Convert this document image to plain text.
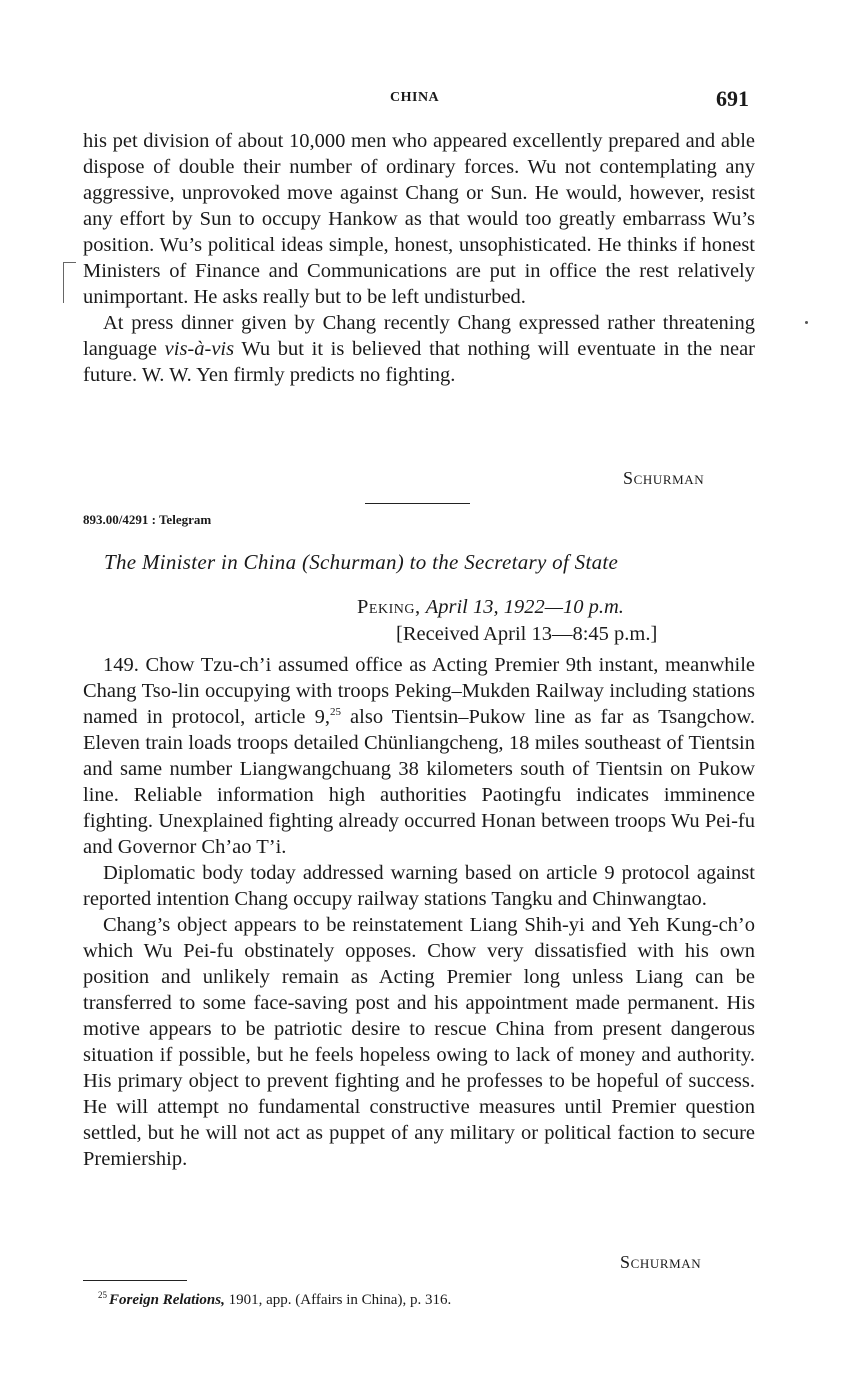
CHINA	691

his pet division of about 10,000 men who appeared excellently prepared and able dispose of double their number of ordinary forces. Wu not contemplating any aggressive, unprovoked move against Chang or Sun. He would, however, resist any effort by Sun to occupy Hankow as that would too greatly embarrass Wu’s position. Wu’s political ideas simple, honest, unsophisticated. He thinks if honest Ministers of Finance and Communications are put in office the rest relatively unimportant. He asks really but to be left undisturbed.

At press dinner given by Chang recently Chang expressed rather threatening language vis-à-vis Wu but it is believed that nothing will eventuate in the near future. W. W. Yen firmly predicts no fighting.

Schurman
893.00/4291 : Telegram
The Minister in China (Schurman) to the Secretary of State
Peking, April 13, 1922—10 p.m.
[Received April 13—8:45 p.m.]

149. Chow Tzu-ch’i assumed office as Acting Premier 9th instant, meanwhile Chang Tso-lin occupying with troops Peking–Mukden Railway including stations named in protocol, article 9,25 also Tientsin–Pukow line as far as Tsangchow. Eleven train loads troops detailed Chünliangcheng, 18 miles southeast of Tientsin and same number Liangwangchuang 38 kilometers south of Tientsin on Pukow line. Reliable information high authorities Paotingfu indicates imminence fighting. Unexplained fighting already occurred Honan between troops Wu Pei-fu and Governor Ch’ao T’i.

Diplomatic body today addressed warning based on article 9 protocol against reported intention Chang occupy railway stations Tangku and Chinwangtao.

Chang’s object appears to be reinstatement Liang Shih-yi and Yeh Kung-ch’o which Wu Pei-fu obstinately opposes. Chow very dissatisfied with his own position and unlikely remain as Acting Premier long unless Liang can be transferred to some face-saving post and his appointment made permanent. His motive appears to be patriotic desire to rescue China from present dangerous situation if possible, but he feels hopeless owing to lack of money and authority. His primary object to prevent fighting and he professes to be hopeful of success. He will attempt no fundamental constructive measures until Premier question settled, but he will not act as puppet of any military or political faction to secure Premiership.

Schurman
$^{25}$ Foreign Relations, 1901, app. (Affairs in China), p. 316.
